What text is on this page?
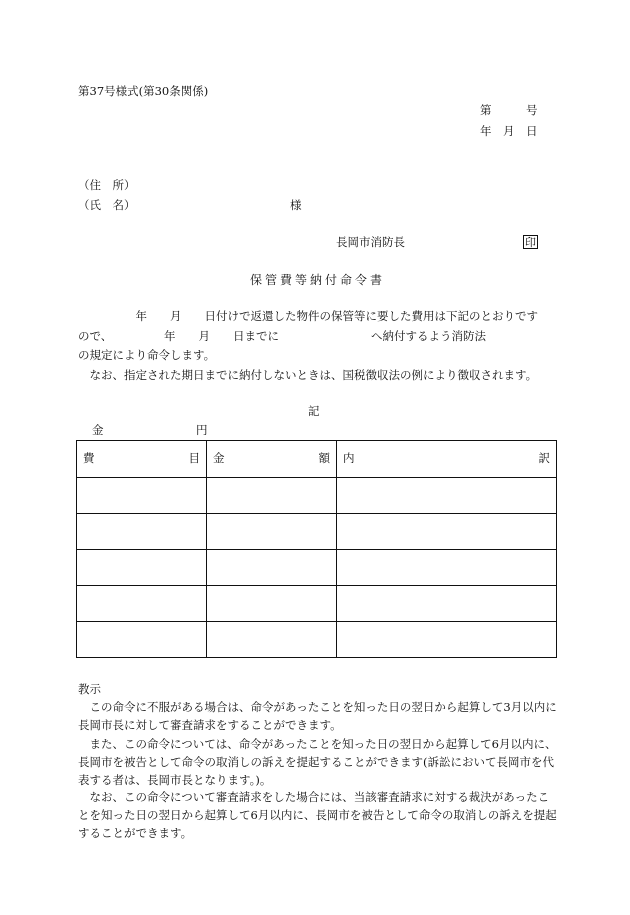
第37号様式(第30条関係)
第　　　号
年　月　日
（住　所）
（氏　名）	様
長岡市消防長	印
保管費等納付命令書
　　　　　年　　月　　日付けで返還した物件の保管等に要した費用は下記のとおりです
ので、　　　　　年　　月　　日までに　　　　　　　　へ納付するよう消防法
の規定により命令します。
　なお、指定された期日までに納付しないときは、国税徴収法の例により徴収されます。
記
金	円
費 目	金 額	内 訳

教示
　この命令に不服がある場合は、命令があったことを知った日の翌日から起算して3月以内に長岡市長に対して審査請求をすることができます。
　また、この命令については、命令があったことを知った日の翌日から起算して6月以内に、長岡市を被告として命令の取消しの訴えを提起することができます(訴訟において長岡市を代表する者は、長岡市長となります。)。
　なお、この命令について審査請求をした場合には、当該審査請求に対する裁決があったことを知った日の翌日から起算して6月以内に、長岡市を被告として命令の取消しの訴えを提起することができます。
